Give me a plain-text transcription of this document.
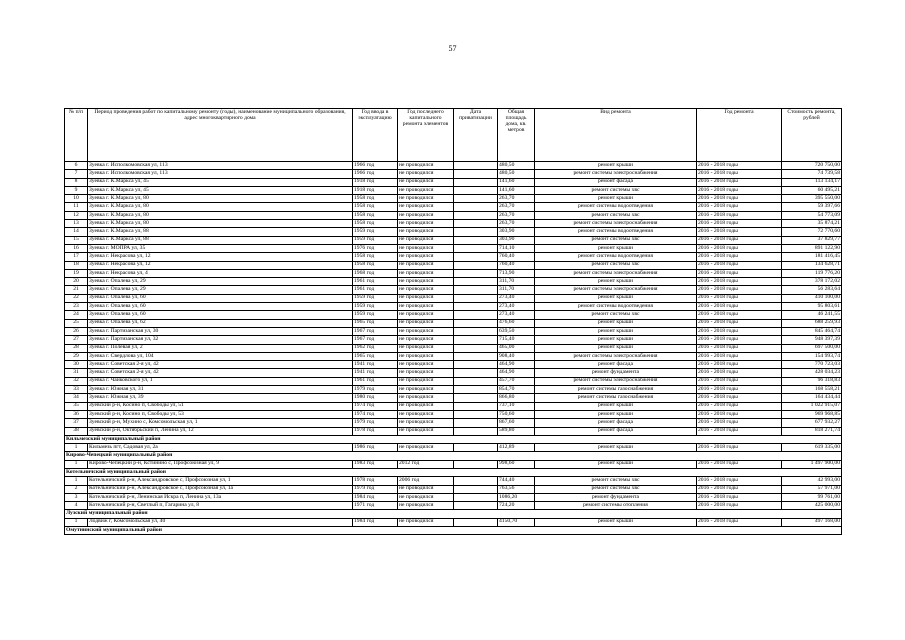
57
№ п/п	Период проведения работ по капитальному ремонту (годы), наименование муниципального образования, адрес многоквартирного дома	Год ввода в эксплуатацию	Год последнего капитального ремонта элементов	Дата приватизации	Общая площадь дома, кв. метров	Вид ремонта	Год ремонта	Стоимость ремонта, рублей
6	Зуевка г. Исполкомовская ул, 113	1966 год	не проводился		480,50	ремонт крыши	2016 - 2018 годы	720 750,00
7	Зуевка г. Исполкомовская ул, 113	1966 год	не проводился		480,50	ремонт системы электроснабжения	2016 - 2018 годы	74 739,58
8	Зуевка г. К.Маркса ул, 45	1918 год	не проводился		141,60	ремонт фасада	2016 - 2018 годы	113 134,17
9	Зуевка г. К.Маркса ул, 45	1918 год	не проводился		141,60	ремонт системы хвс	2016 - 2018 годы	60 495,21
10	Зуевка г. К.Маркса ул, 80	1958 год	не проводился		263,70	ремонт крыши	2016 - 2018 годы	395 550,00
11	Зуевка г. К.Маркса ул, 80	1958 год	не проводился		263,70	ремонт системы водоотведения	2016 - 2018 годы	59 397,66
12	Зуевка г. К.Маркса ул, 80	1958 год	не проводился		263,70	ремонт системы хвс	2016 - 2018 годы	54 773,09
13	Зуевка г. К.Маркса ул, 80	1958 год	не проводился		263,70	ремонт системы электроснабжения	2016 - 2018 годы	35 874,21
14	Зуевка г. К.Маркса ул, 88	1959 год	не проводился		303,90	ремонт системы водоотведения	2016 - 2018 годы	72 770,60
15	Зуевка г. К.Маркса ул, 88	1959 год	не проводился		303,90	ремонт системы хвс	2016 - 2018 годы	37 829,77
16	Зуевка г. МОПРА ул, 35	1976 год	не проводился		714,10	ремонт крыши	2016 - 2018 годы	891 122,90
17	Зуевка г. Некрасова ул, 12	1958 год	не проводился		760,40	ремонт системы водоотведения	2016 - 2018 годы	181 416,45
18	Зуевка г. Некрасова ул, 12	1958 год	не проводился		760,40	ремонт системы хвс	2016 - 2018 годы	134 628,71
19	Зуевка г. Некрасова ул, 4	1968 год	не проводился		713,90	ремонт системы электроснабжения	2016 - 2018 годы	119 776,20
20	Зуевка г. Опалева ул, 29	1961 год	не проводился		311,70	ремонт крыши	2016 - 2018 годы	378 172,02
21	Зуевка г. Опалева ул, 29	1961 год	не проводился		311,70	ремонт системы электроснабжения	2016 - 2018 годы	56 283,64
22	Зуевка г. Опалева ул, 60	1959 год	не проводился		273,40	ремонт крыши	2016 - 2018 годы	410 100,00
23	Зуевка г. Опалева ул, 60	1959 год	не проводился		273,40	ремонт системы водоотведения	2016 - 2018 годы	95 803,61
24	Зуевка г. Опалева ул, 60	1959 год	не проводился		273,40	ремонт системы хвс	2016 - 2018 годы	46 241,55
25	Зуевка г. Опалева ул, 62	1965 год	не проводился		476,60	ремонт крыши	2016 - 2018 годы	688 259,93
26	Зуевка г. Партизанская ул, 30	1967 год	не проводился		639,50	ремонт крыши	2016 - 2018 годы	845 464,74
27	Зуевка г. Партизанская ул, 32	1967 год	не проводился		715,40	ремонт крыши	2016 - 2018 годы	948 397,39
28	Зуевка г. Полевая ул, 2	1962 год	не проводился		465,00	ремонт крыши	2016 - 2018 годы	697 500,00
29	Зуевка г. Свердлова ул, 104	1965 год	не проводился		908,40	ремонт системы электроснабжения	2016 - 2018 годы	154 993,74
30	Зуевка г. Советская 2-я ул, 42	1941 год	не проводился		464,90	ремонт фасада	2016 - 2018 годы	770 723,03
31	Зуевка г. Советская 2-я ул, 42	1941 год	не проводился		464,90	ремонт фундамента	2016 - 2018 годы	428 034,23
32	Зуевка г. Чайковского ул, 1	1961 год	не проводился		457,70	ремонт системы электроснабжения	2016 - 2018 годы	96 318,83
33	Зуевка г. Южная ул, 31	1979 год	не проводился		854,70	ремонт системы газоснабжения	2016 - 2018 годы	168 558,21
34	Зуевка г. Южная ул, 39	1980 год	не проводился		866,80	ремонт системы газоснабжения	2016 - 2018 годы	164 434,44
35	Зуевский р-н, Косино п, Свободы ул, 51	1974 год	не проводился		737,10	ремонт крыши	2016 - 2018 годы	1 022 915,07
36	Зуевский р-н, Косино п, Свободы ул, 53	1974 год	не проводился		750,60	ремонт крыши	2016 - 2018 годы	969 968,85
37	Зуевский р-н, Мухино с, Комсомольская ул, 1	1979 год	не проводился		867,60	ремонт фасада	2016 - 2018 годы	677 932,27
38	Зуевский р-н, Октябрьский п, Ленина ул, 12	1978 год	не проводился		589,80	ремонт фасада	2016 - 2018 годы	818 271,74
Кильмезский муниципальный район								
1	Кильмезь пгт, Садовая ул, 2а	1986 год	не проводился		412,89	ремонт крыши	2016 - 2018 годы	619 335,00
Кирово-Чепецкий муниципальный район								
1	Кирово-Чепецкий р-н, Кстинино с, Профсоюзная ул, 9	1983 год	2012 год		998,60	ремонт крыши	2016 - 2018 годы	1 497 900,00
Котельничский муниципальный район								
1	Котельничский р-н, Александровское с, Профсоюзная ул, 1	1978 год	2006 год		744,40	ремонт системы хвс	2016 - 2018 годы	42 993,00
2	Котельничский р-н, Александровское с, Профсоюзная ул, 1а	1979 год	не проводился		763,56	ремонт системы хвс	2016 - 2018 годы	57 971,00
3	Котельничский р-н, Ленинская Искра п, Ленина ул, 13а	1984 год	не проводился		1086,20	ремонт фундамента	2016 - 2018 годы	99 761,00
4	Котельничский р-н, Светлый п, Гагарина ул, 8	1971 год	не проводился		724,20	ремонт системы отопления	2016 - 2018 годы	425 000,00
Лузский муниципальный район								
1	Лодвиж г, Комсомольская ул, 40	1984 год	не проводился		4150,70	ремонт крыши	2016 - 2018 годы	497 168,00
Омутнинский муниципальный район								
